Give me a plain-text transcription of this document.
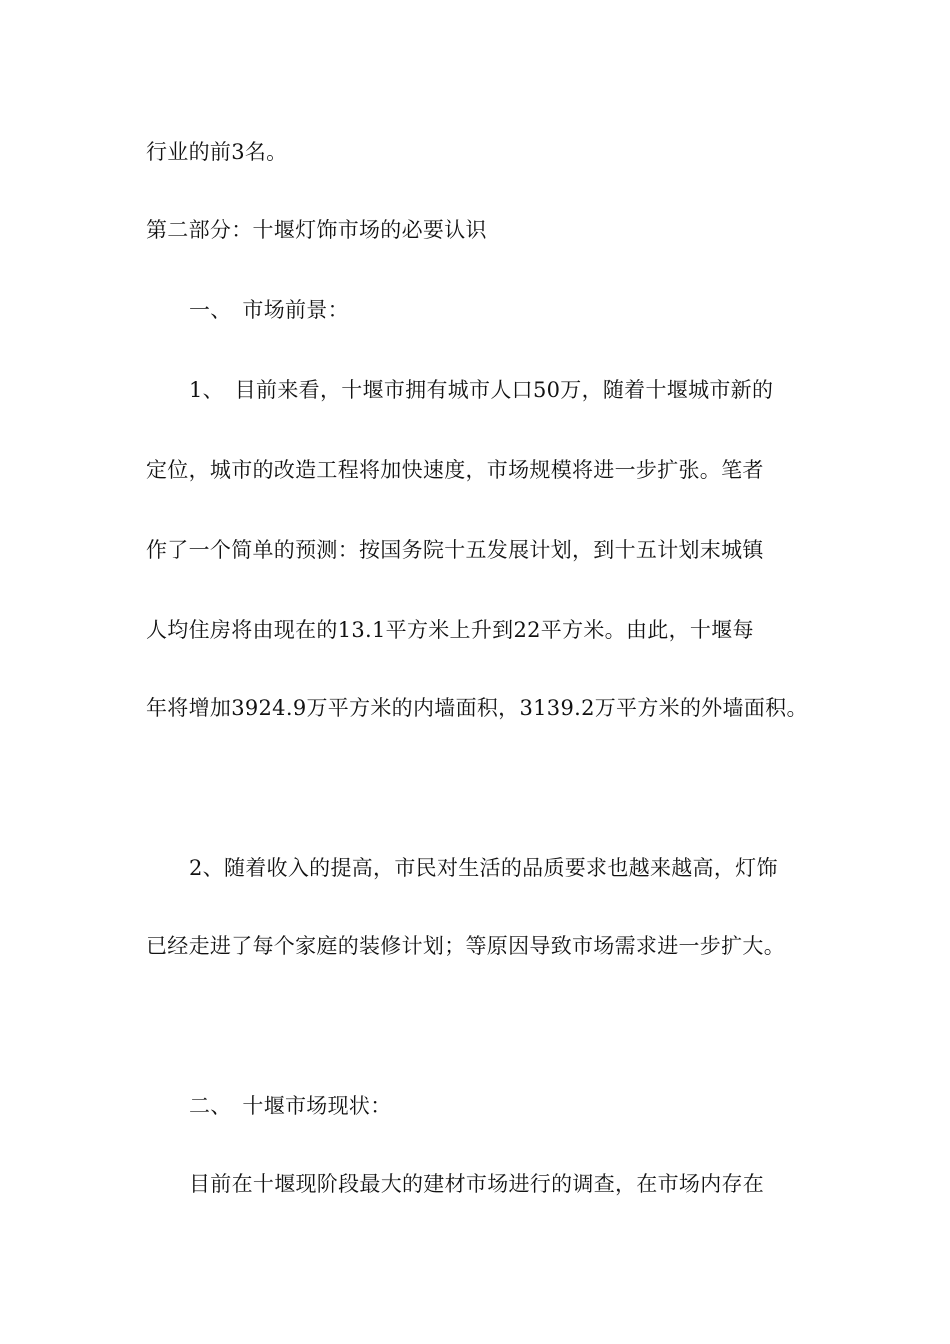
行业的前3名。
第二部分：十堰灯饰市场的必要认识
一、　市场前景：
1、　目前来看，十堰市拥有城市人口50万，随着十堰城市新的
定位，城市的改造工程将加快速度，市场规模将进一步扩张。笔者
作了一个简单的预测：按国务院十五发展计划，到十五计划末城镇
人均住房将由现在的13.1平方米上升到22平方米。由此，十堰每
年将增加3924.9万平方米的内墙面积，3139.2万平方米的外墙面积。
2、随着收入的提高，市民对生活的品质要求也越来越高，灯饰
已经走进了每个家庭的装修计划；等原因导致市场需求进一步扩大。
二、　十堰市场现状：
目前在十堰现阶段最大的建材市场进行的调查，在市场内存在
